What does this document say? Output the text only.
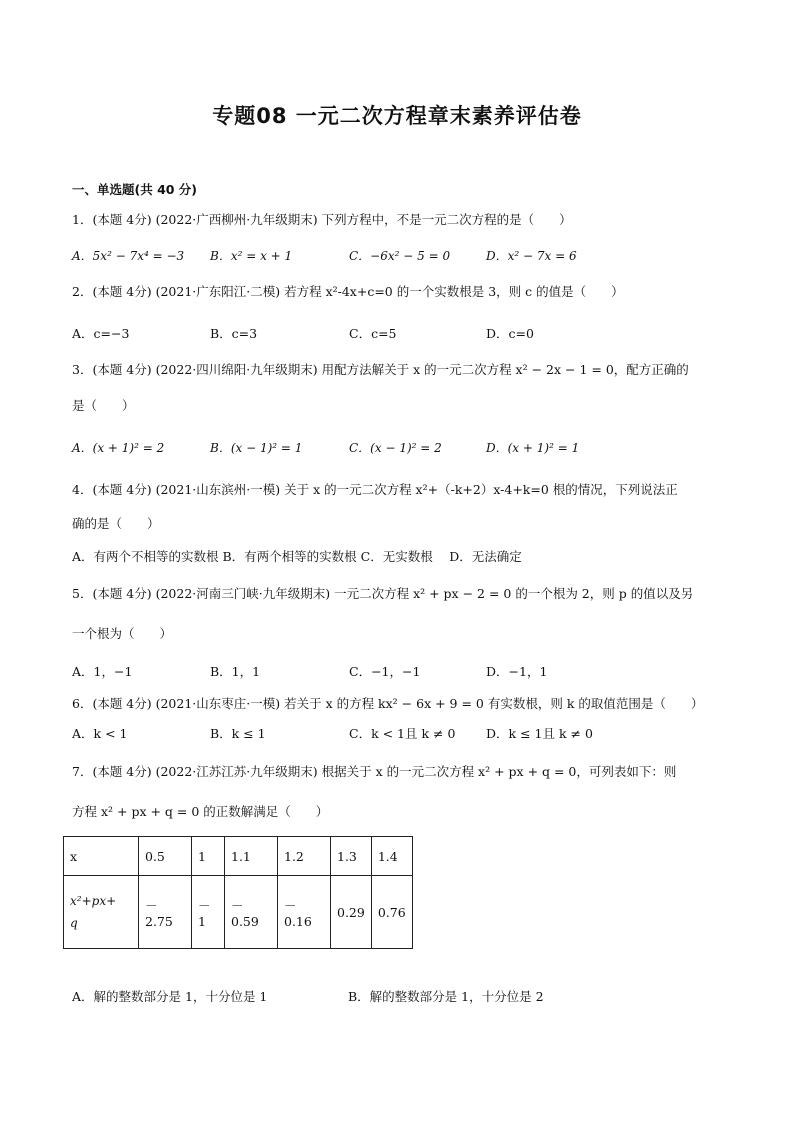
专题08 一元二次方程章末素养评估卷
一、单选题(共 40 分)
1．(本题 4分) (2022·广西柳州·九年级期末) 下列方程中，不是一元二次方程的是（　　）
A．5x² − 7x⁴ = −3 B．x² = x + 1	C．−6x² − 5 = 0	D．x² − 7x = 6
2．(本题 4分) (2021·广东阳江·二模) 若方程 x²-4x+c=0 的一个实数根是 3，则 c 的值是（　　）
A．c=−3	B．c=3	C．c=5	D．c=0
3．(本题 4分) (2022·四川绵阳·九年级期末) 用配方法解关于 x 的一元二次方程 x² − 2x − 1 = 0，配方正确的
是（　　）
A．(x + 1)² = 2	B．(x − 1)² = 1	C．(x − 1)² = 2	D．(x + 1)² = 1
4．(本题 4分) (2021·山东滨州·一模) 关于 x 的一元二次方程 x²+（-k+2）x-4+k=0 根的情况，下列说法正
确的是（　　）
A．有两个不相等的实数根 B．有两个相等的实数根 C．无实数根　 D．无法确定
5．(本题 4分) (2022·河南三门峡·九年级期末) 一元二次方程 x² + px − 2 = 0 的一个根为 2，则 p 的值以及另
一个根为（　　）
A．1，−1	B．1，1	C．−1，−1	D．−1，1
6．(本题 4分) (2021·山东枣庄·一模) 若关于 x 的方程 kx² − 6x + 9 = 0 有实数根，则 k 的取值范围是（　　）
A．k < 1	B．k ≤ 1	C．k < 1且 k ≠ 0 D．k ≤ 1且 k ≠ 0
7．(本题 4分) (2022·江苏江苏·九年级期末) 根据关于 x 的一元二次方程 x² + px + q = 0，可列表如下：则
方程 x² + px + q = 0 的正数解满足（　　）
x	0.5	1	1.1	1.2	1.3	1.4
x²+px+
q	－2.75	－1	－0.59	－0.16	0.29	0.76
A．解的整数部分是 1，十分位是 1	B．解的整数部分是 1，十分位是 2
